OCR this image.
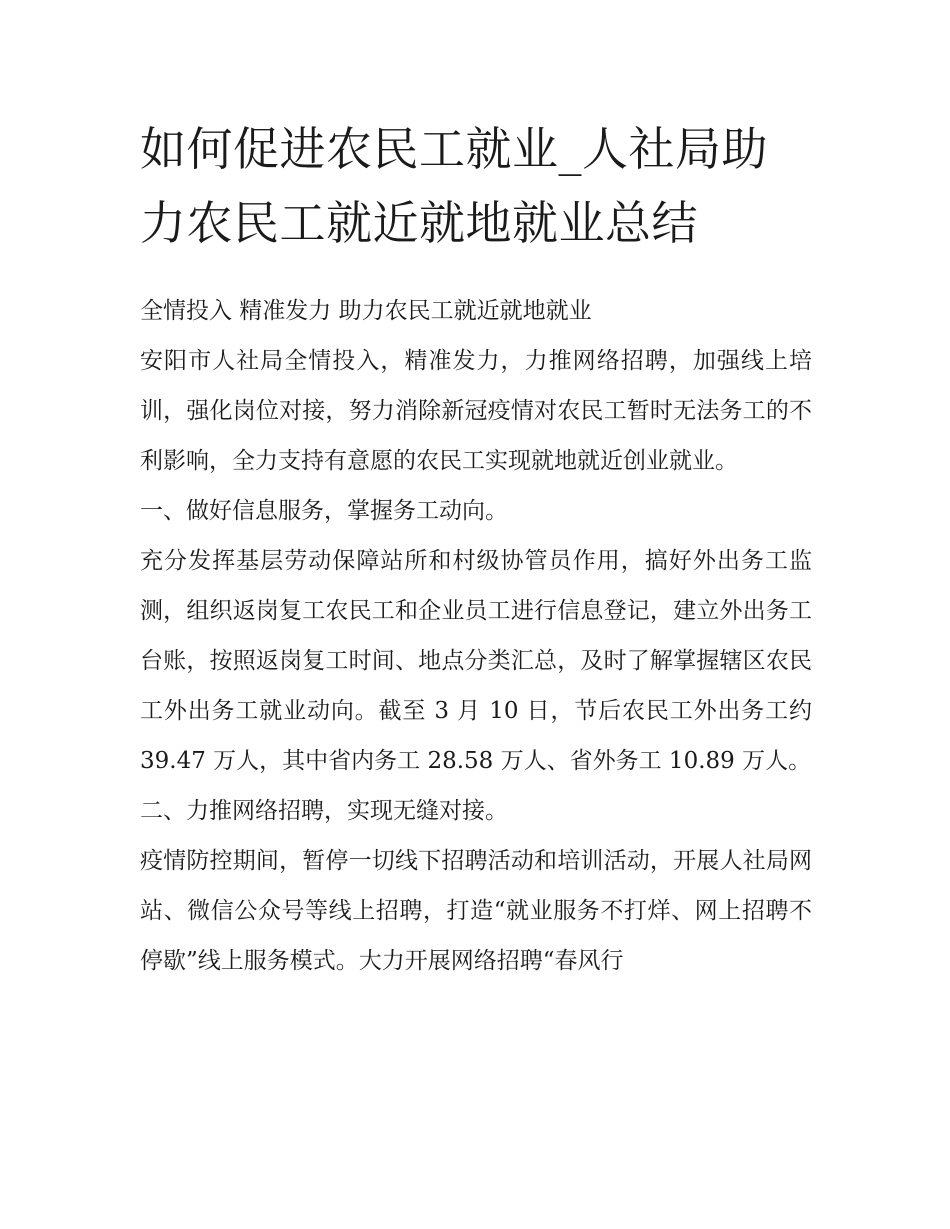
如何促进农民工就业_人社局助力农民工就近就地就业总结

全情投入 精准发力 助力农民工就近就地就业

安阳市人社局全情投入，精准发力，力推网络招聘，加强线上培训，强化岗位对接，努力消除新冠疫情对农民工暂时无法务工的不利影响，全力支持有意愿的农民工实现就地就近创业就业。

一、做好信息服务，掌握务工动向。

充分发挥基层劳动保障站所和村级协管员作用，搞好外出务工监测，组织返岗复工农民工和企业员工进行信息登记，建立外出务工台账，按照返岗复工时间、地点分类汇总，及时了解掌握辖区农民工外出务工就业动向。截至 3 月 10 日，节后农民工外出务工约 39.47 万人，其中省内务工 28.58 万人、省外务工 10.89 万人。

二、力推网络招聘，实现无缝对接。

疫情防控期间，暂停一切线下招聘活动和培训活动，开展人社局网站、微信公众号等线上招聘，打造“就业服务不打烊、网上招聘不停歇”线上服务模式。大力开展网络招聘“春风行
